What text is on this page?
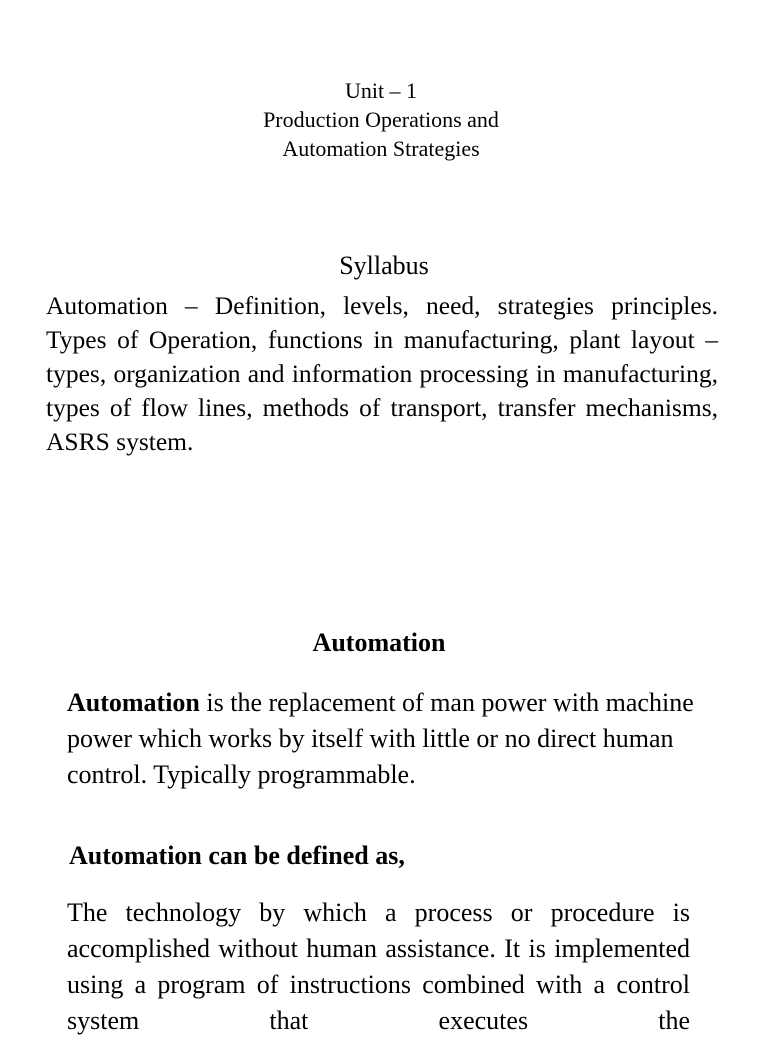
Unit – 1
Production Operations and
Automation Strategies
Syllabus
Automation – Definition, levels, need, strategies principles. Types of Operation, functions in manufacturing, plant layout – types, organization and information processing in manufacturing, types of flow lines, methods of transport, transfer mechanisms, ASRS system.
Automation
Automation is the replacement of man power with machine power which works by itself with little or no direct human control. Typically programmable.
Automation can be defined as,
The technology by which a process or procedure is accomplished without human assistance. It is implemented using a program of instructions combined with a control system that executes the
